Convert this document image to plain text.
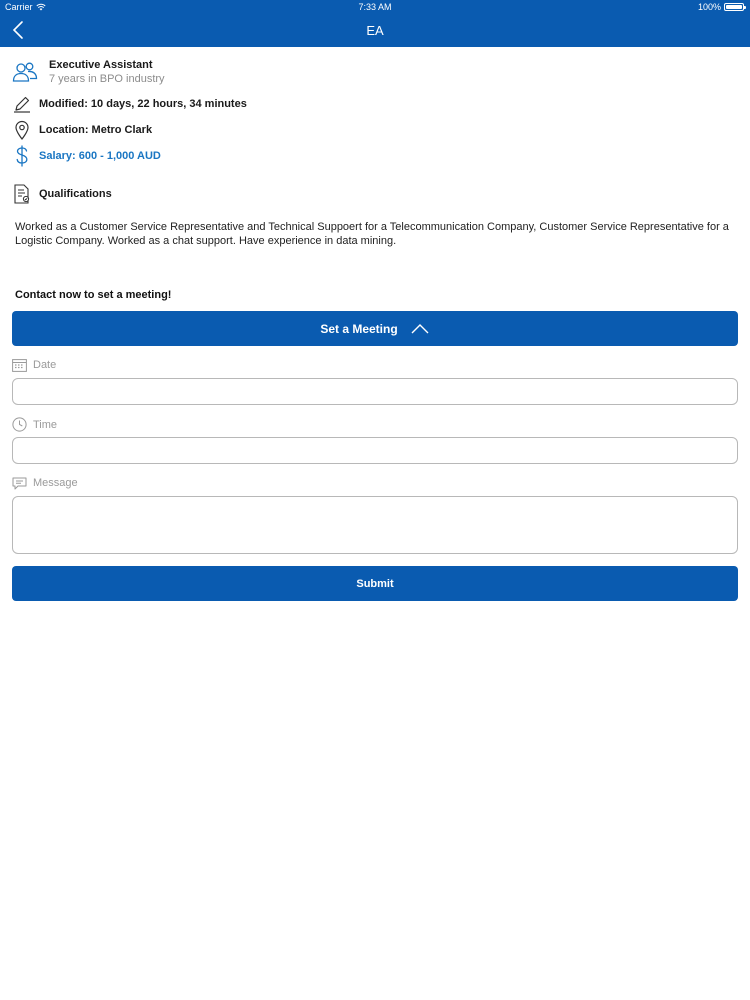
Carrier	7:33 AM	100%
EA
Executive Assistant
7 years in BPO industry
Modified: 10 days, 22 hours, 34 minutes
Location: Metro Clark
Salary: 600 - 1,000 AUD
Qualifications
Worked as a Customer Service Representative and Technical Suppoert for a Telecommunication Company, Customer Service Representative for a Logistic Company. Worked as a chat support. Have experience in data mining.
Contact now to set a meeting!
Set a Meeting
Date
Time
Message
Submit
